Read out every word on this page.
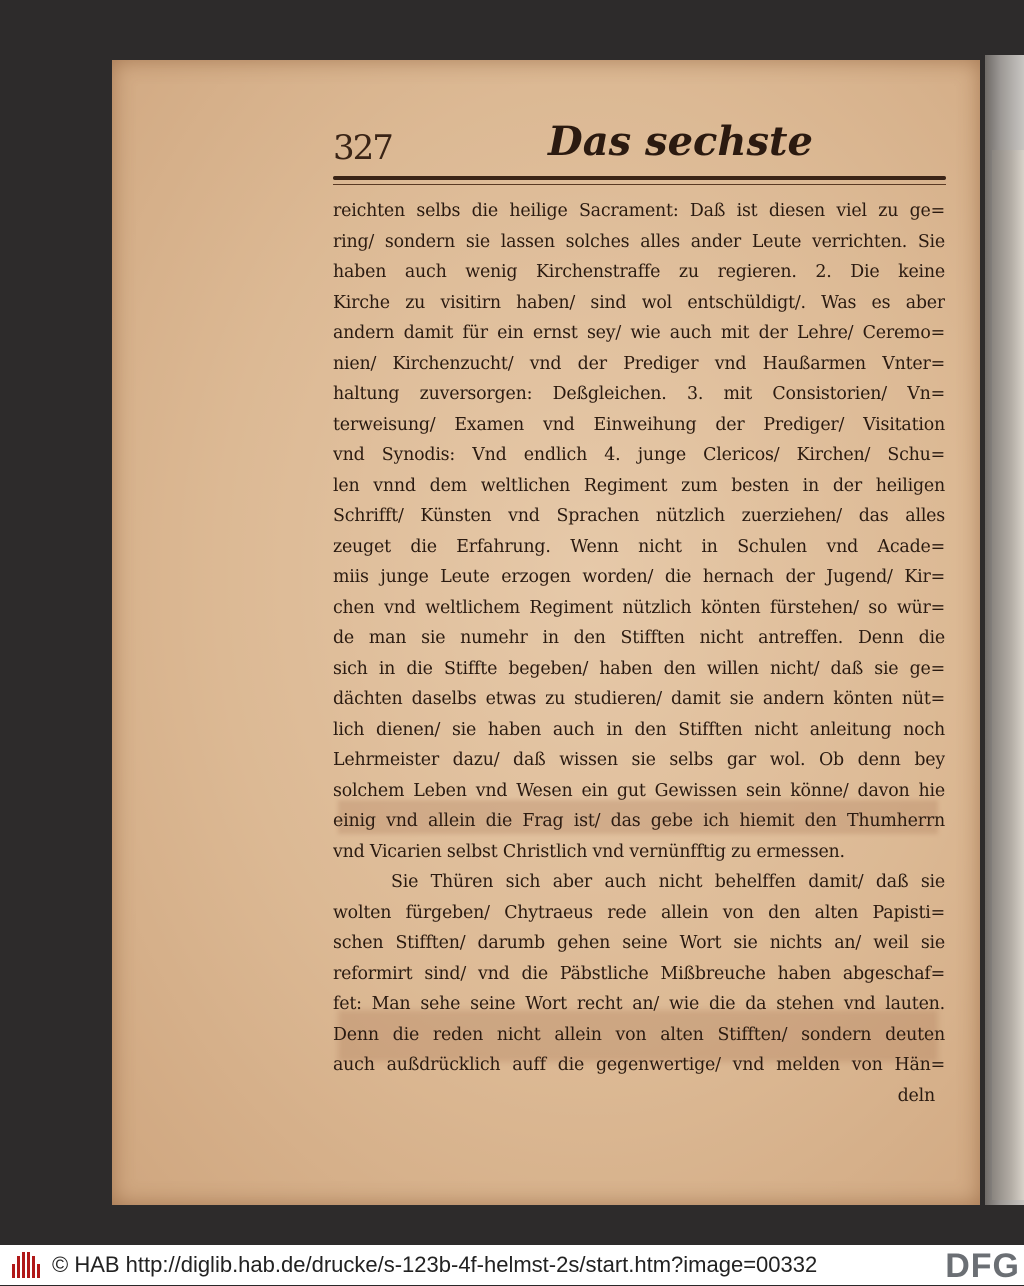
327	Das sechste
reichten selbs die heilige Sacrament: Daß ist diesen viel zu ge=
ring/ sondern sie lassen solches alles ander Leute verrichten. Sie
haben auch wenig Kirchenstraffe zu regieren. 2. Die keine
Kirche zu visitirn haben/ sind wol entschüldigt/. Was es aber
andern damit für ein ernst sey/ wie auch mit der Lehre/ Ceremo=
nien/ Kirchenzucht/ vnd der Prediger vnd Haußarmen Vnter=
haltung zuversorgen: Deßgleichen. 3. mit Consistorien/ Vn=
terweisung/ Examen vnd Einweihung der Prediger/ Visitation
vnd Synodis: Vnd endlich 4. junge Clericos/ Kirchen/ Schu=
len vnnd dem weltlichen Regiment zum besten in der heiligen
Schrifft/ Künsten vnd Sprachen nützlich zuerziehen/ das alles
zeuget die Erfahrung. Wenn nicht in Schulen vnd Acade=
miis junge Leute erzogen worden/ die hernach der Jugend/ Kir=
chen vnd weltlichem Regiment nützlich könten fürstehen/ so wür=
de man sie numehr in den Stifften nicht antreffen. Denn die
sich in die Stiffte begeben/ haben den willen nicht/ daß sie ge=
dächten daselbs etwas zu studieren/ damit sie andern könten nüt=
lich dienen/ sie haben auch in den Stifften nicht anleitung noch
Lehrmeister dazu/ daß wissen sie selbs gar wol. Ob denn bey
solchem Leben vnd Wesen ein gut Gewissen sein könne/ davon hie
einig vnd allein die Frag ist/ das gebe ich hiemit den Thumherrn
vnd Vicarien selbst Christlich vnd vernünfftig zu ermessen.
Sie Thüren sich aber auch nicht behelffen damit/ daß sie
wolten fürgeben/ Chytraeus rede allein von den alten Papisti=
schen Stifften/ darumb gehen seine Wort sie nichts an/ weil sie
reformirt sind/ vnd die Päbstliche Mißbreuche haben abgeschaf=
fet: Man sehe seine Wort recht an/ wie die da stehen vnd lauten.
Denn die reden nicht allein von alten Stifften/ sondern deuten
auch außdrücklich auff die gegenwertige/ vnd melden von Hän=
deln
© HAB http://diglib.hab.de/drucke/s-123b-4f-helmst-2s/start.htm?image=00332	DFG
